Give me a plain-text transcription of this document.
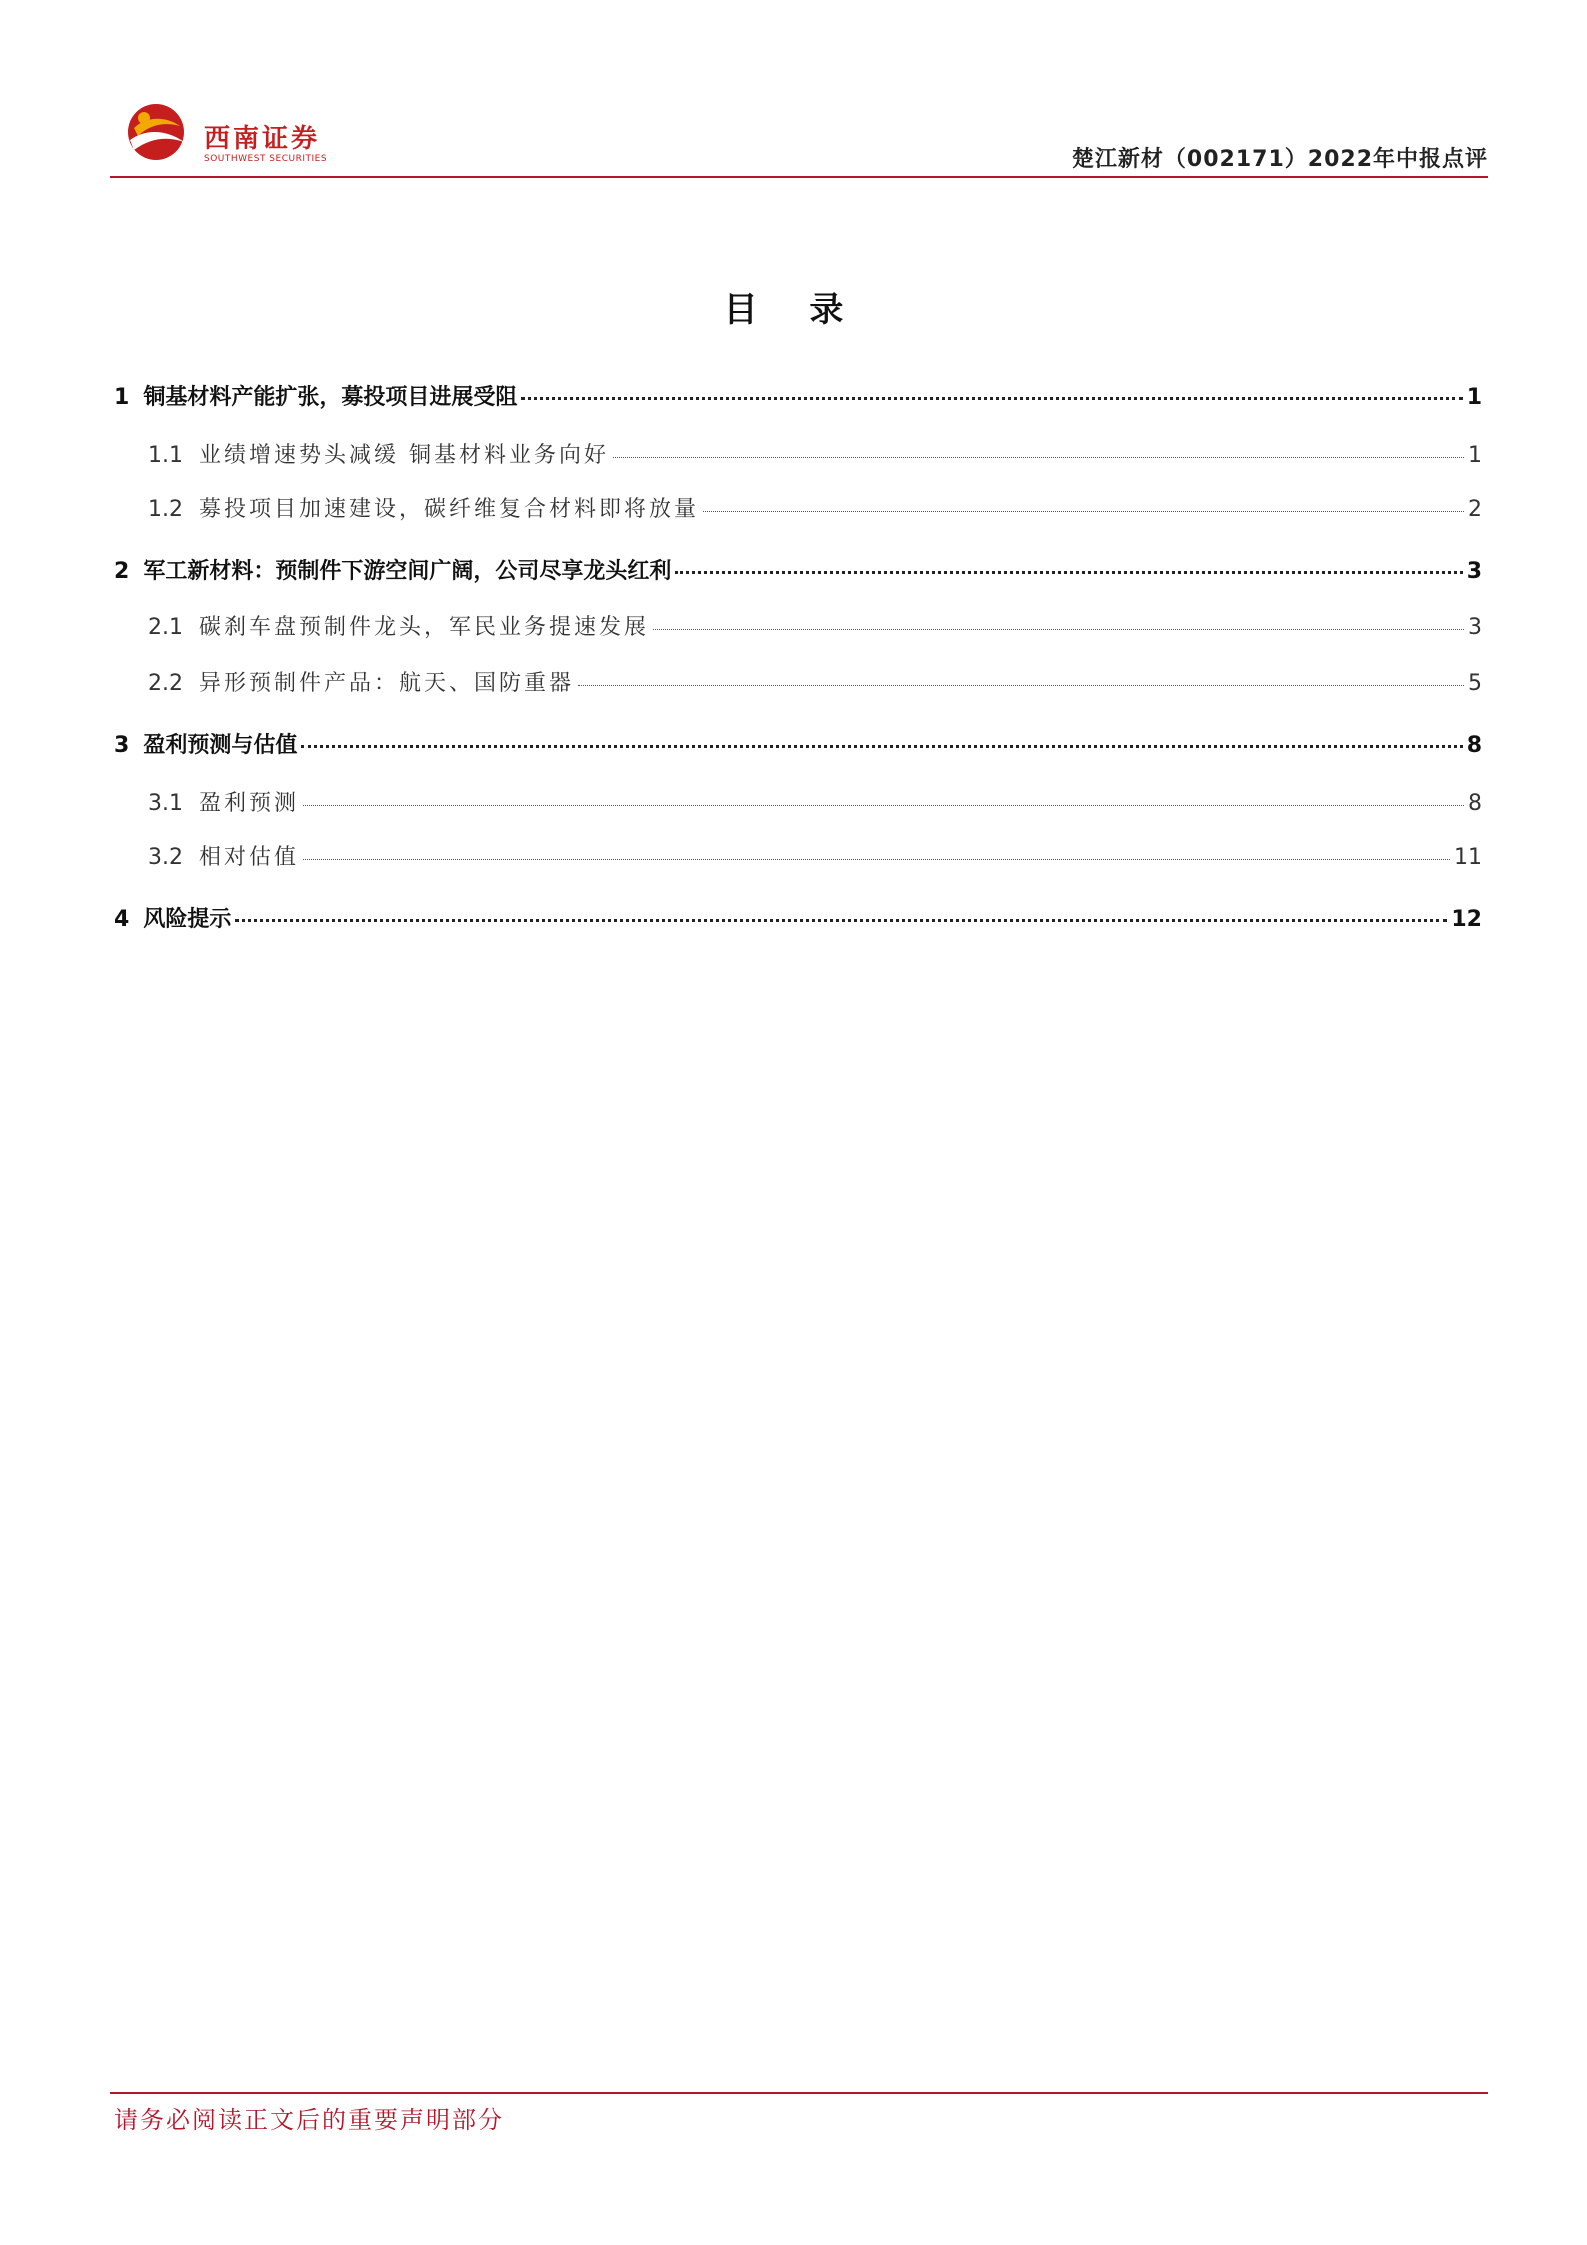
西南证券
SOUTHWEST SECURITIES	楚江新材（002171）2022年中报点评
目 录
1 铜基材料产能扩张，募投项目进展受阻	1
1.1 业绩增速势头减缓 铜基材料业务向好	1
1.2 募投项目加速建设，碳纤维复合材料即将放量	2
2 军工新材料：预制件下游空间广阔，公司尽享龙头红利	3
2.1 碳刹车盘预制件龙头，军民业务提速发展	3
2.2 异形预制件产品：航天、国防重器	5
3 盈利预测与估值	8
3.1 盈利预测	8
3.2 相对估值	11
4 风险提示	12
请务必阅读正文后的重要声明部分
